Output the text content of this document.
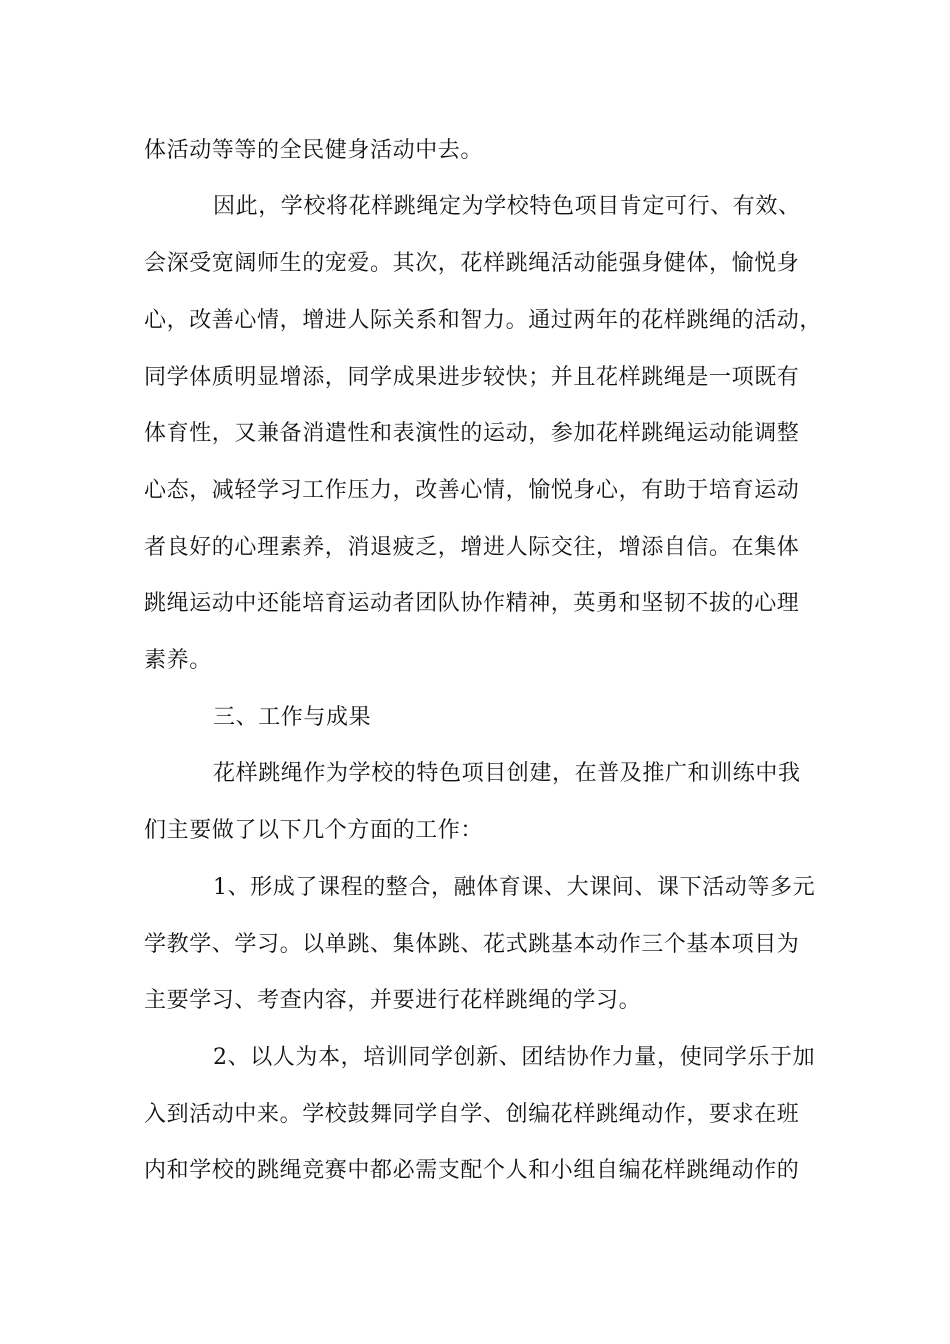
体活动等等的全民健身活动中去。
因此，学校将花样跳绳定为学校特色项目肯定可行、有效、
会深受宽阔师生的宠爱。其次，花样跳绳活动能强身健体，愉悦身
心，改善心情，增进人际关系和智力。通过两年的花样跳绳的活动，
同学体质明显增添，同学成果进步较快；并且花样跳绳是一项既有
体育性，又兼备消遣性和表演性的运动，参加花样跳绳运动能调整
心态，减轻学习工作压力，改善心情，愉悦身心，有助于培育运动
者良好的心理素养，消退疲乏，增进人际交往，增添自信。在集体
跳绳运动中还能培育运动者团队协作精神，英勇和坚韧不拔的心理
素养。
三、工作与成果
花样跳绳作为学校的特色项目创建，在普及推广和训练中我
们主要做了以下几个方面的工作：
1、形成了课程的整合，融体育课、大课间、课下活动等多元
学教学、学习。以单跳、集体跳、花式跳基本动作三个基本项目为
主要学习、考查内容，并要进行花样跳绳的学习。
2、以人为本，培训同学创新、团结协作力量，使同学乐于加
入到活动中来。学校鼓舞同学自学、创编花样跳绳动作，要求在班
内和学校的跳绳竞赛中都必需支配个人和小组自编花样跳绳动作的
